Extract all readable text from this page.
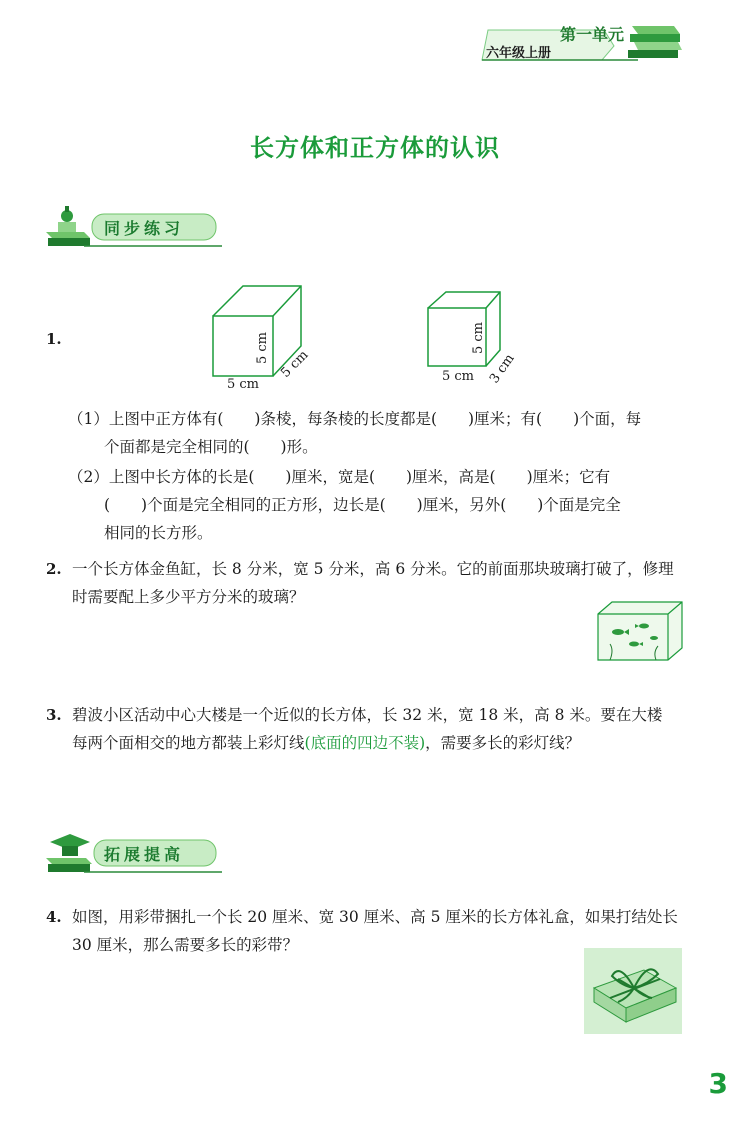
第一单元
六年级上册
长方体和正方体的认识
同步练习
1.
5 cm
5 cm 5 cm	5 cm
5 cm
3 cm
（1）上图中正方体有(　　)条棱，每条棱的长度都是(　　)厘米；有(　　)个面，每
个面都是完全相同的(　　)形。
（2）上图中长方体的长是(　　)厘米，宽是(　　)厘米，高是(　　)厘米；它有
(　　)个面是完全相同的正方形，边长是(　　)厘米，另外(　　)个面是完全
相同的长方形。
2. 一个长方体金鱼缸，长 8 分米，宽 5 分米，高 6 分米。它的前面那块玻璃打破了，修理
时需要配上多少平方分米的玻璃？
3. 碧波小区活动中心大楼是一个近似的长方体，长 32 米，宽 18 米，高 8 米。要在大楼
每两个面相交的地方都装上彩灯线(底面的四边不装)，需要多长的彩灯线？
拓展提高
4. 如图，用彩带捆扎一个长 20 厘米、宽 30 厘米、高 5 厘米的长方体礼盒，如果打结处长
30 厘米，那么需要多长的彩带？
3
